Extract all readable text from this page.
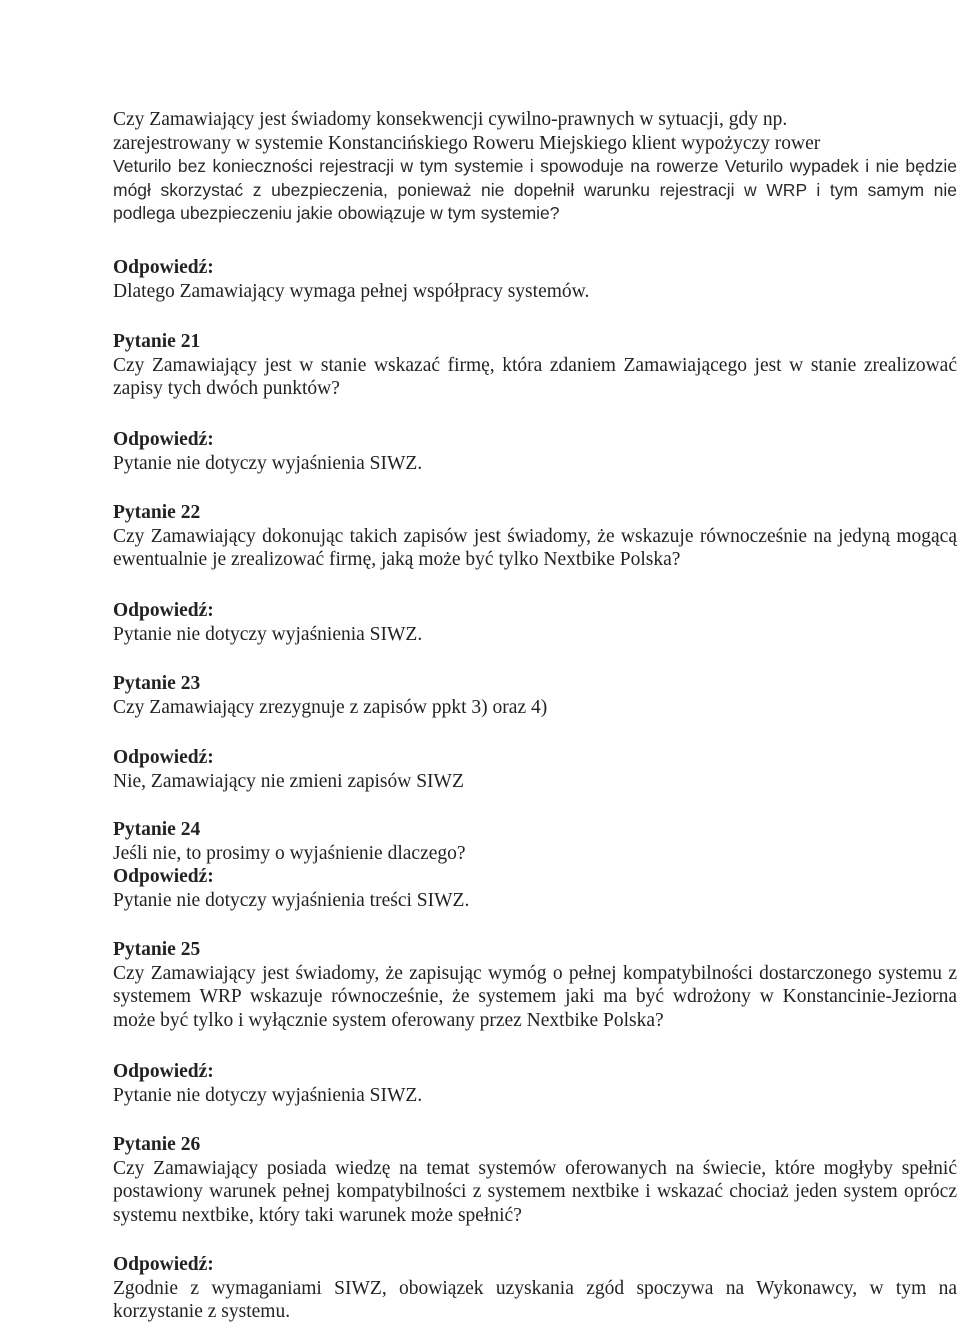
Czy Zamawiający jest świadomy konsekwencji cywilno-prawnych w sytuacji, gdy np.

zarejestrowany w systemie Konstancińskiego Roweru Miejskiego klient wypożyczy rower

Veturilo bez konieczności rejestracji w tym systemie i spowoduje na rowerze Veturilo wypadek i nie będzie mógł skorzystać z ubezpieczenia, ponieważ nie dopełnił warunku rejestracji w WRP i tym samym nie podlega ubezpieczeniu jakie obowiązuje w tym systemie?

Odpowiedź:

Dlatego Zamawiający wymaga pełnej współpracy systemów.

Pytanie 21

Czy Zamawiający jest w stanie wskazać firmę, która zdaniem Zamawiającego jest w stanie zrealizować zapisy tych dwóch punktów?

Odpowiedź:

Pytanie nie dotyczy wyjaśnienia SIWZ.

Pytanie 22

Czy Zamawiający dokonując takich zapisów jest świadomy, że wskazuje równocześnie na jedyną mogącą ewentualnie je zrealizować firmę, jaką może być tylko Nextbike Polska?

Odpowiedź:

Pytanie nie dotyczy wyjaśnienia SIWZ.

Pytanie 23

Czy Zamawiający zrezygnuje z zapisów ppkt 3) oraz 4)

Odpowiedź:

Nie, Zamawiający nie zmieni zapisów SIWZ

Pytanie 24

Jeśli nie, to prosimy o wyjaśnienie dlaczego?

Odpowiedź:

Pytanie nie dotyczy wyjaśnienia treści SIWZ.

Pytanie 25

Czy Zamawiający jest świadomy, że zapisując wymóg o pełnej kompatybilności dostarczonego systemu z systemem WRP wskazuje równocześnie, że systemem jaki ma być wdrożony w Konstancinie-Jeziorna może być tylko i wyłącznie system oferowany przez Nextbike Polska?

Odpowiedź:

Pytanie nie dotyczy wyjaśnienia SIWZ.

Pytanie 26

Czy Zamawiający posiada wiedzę na temat systemów oferowanych na świecie, które mogłyby spełnić postawiony warunek pełnej kompatybilności z systemem nextbike i wskazać chociaż jeden system oprócz systemu nextbike, który taki warunek może spełnić?

Odpowiedź:

Zgodnie z wymaganiami SIWZ, obowiązek uzyskania zgód spoczywa na Wykonawcy, w tym na korzystanie z systemu.
